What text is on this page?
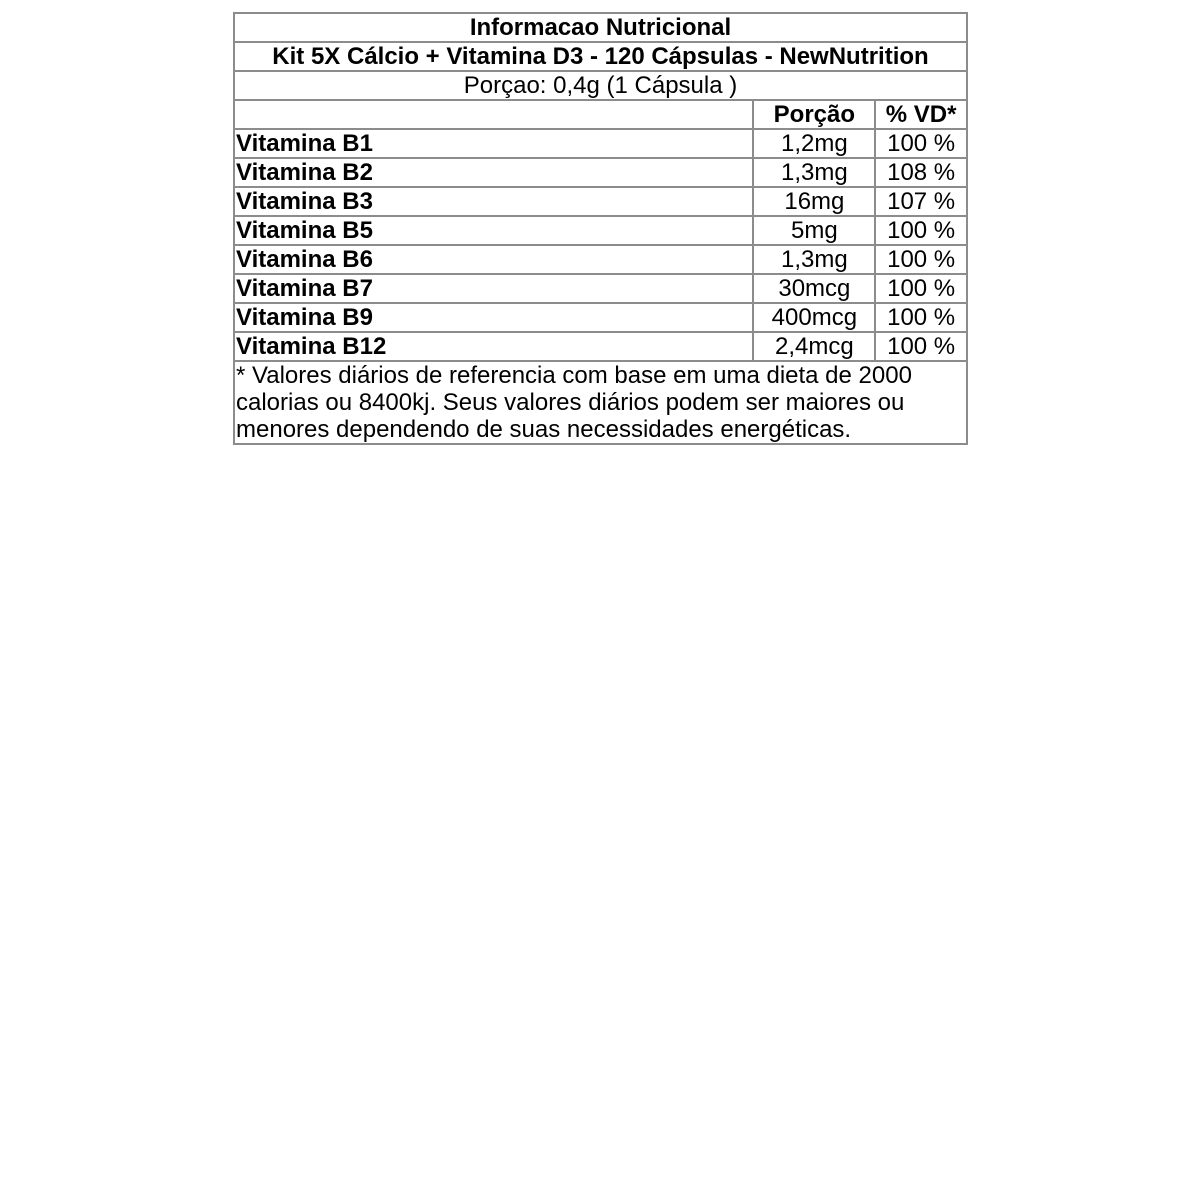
Informacao Nutricional		
Kit 5X Cálcio + Vitamina D3 - 120 Cápsulas - NewNutrition		
Porçao: 0,4g (1 Cápsula )		
	Porção	% VD*
Vitamina B1	1,2mg	100 %
Vitamina B2	1,3mg	108 %
Vitamina B3	16mg	107 %
Vitamina B5	5mg	100 %
Vitamina B6	1,3mg	100 %
Vitamina B7	30mcg	100 %
Vitamina B9	400mcg	100 %
Vitamina B12	2,4mcg	100 %
* Valores diários de referencia com base em uma dieta de 2000 calorias ou 8400kj. Seus valores diários podem ser maiores ou menores dependendo de suas necessidades energéticas.		
